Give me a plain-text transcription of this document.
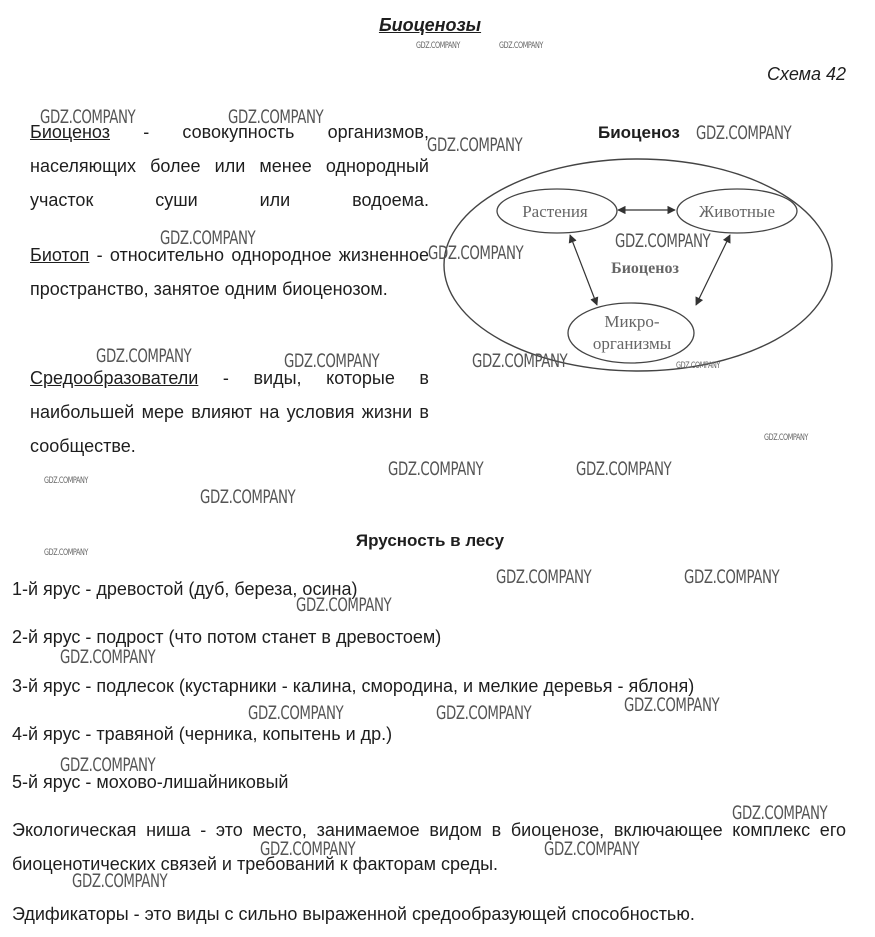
Биоценозы
Схема 42

Биоценоз - совокупность организмов, населяющих более или менее однородный участок суши или водоема.

Биотоп - относительно однородное жизненное пространство, занятое одним биоценозом.

Средообразователи - виды, которые в наибольшей мере влияют на условия жизни в сообществе.

Биоценоз
Растения	Животные
Биоценоз
Микро-
организмы
Ярусность в лесу
1-й ярус - древостой (дуб, береза, осина)
2-й ярус - подрост (что потом станет в древостоем)
3-й ярус - подлесок (кустарники - калина, смородина, и мелкие деревья - яблоня)
4-й ярус - травяной (черника, копытень и др.)
5-й ярус - мохово-лишайниковый
Экологическая ниша - это место, занимаемое видом в биоценозе, включающее комплекс его биоценотических связей и требований к факторам среды.
Эдификаторы - это виды с сильно выраженной средообразующей способностью.
GDZ.COMPANY	GDZ.COMPANY
GDZ.COMPANY	GDZ.COMPANY
GDZ.COMPANY
GDZ.COMPANY
GDZ.COMPANY	GDZ.COMPANY
GDZ.COMPANY
GDZ.COMPANY	GDZ.COMPANY	GDZ.COMPANY	GDZ.COMPANY
GDZ.COMPANY
GDZ.COMPANY	GDZ.COMPANY
GDZ.COMPANY
GDZ.COMPANY
GDZ.COMPANY
GDZ.COMPANY	GDZ.COMPANY
GDZ.COMPANY
GDZ.COMPANY
GDZ.COMPANY
GDZ.COMPANY	GDZ.COMPANY
GDZ.COMPANY
GDZ.COMPANY
GDZ.COMPANY	GDZ.COMPANY
GDZ.COMPANY
